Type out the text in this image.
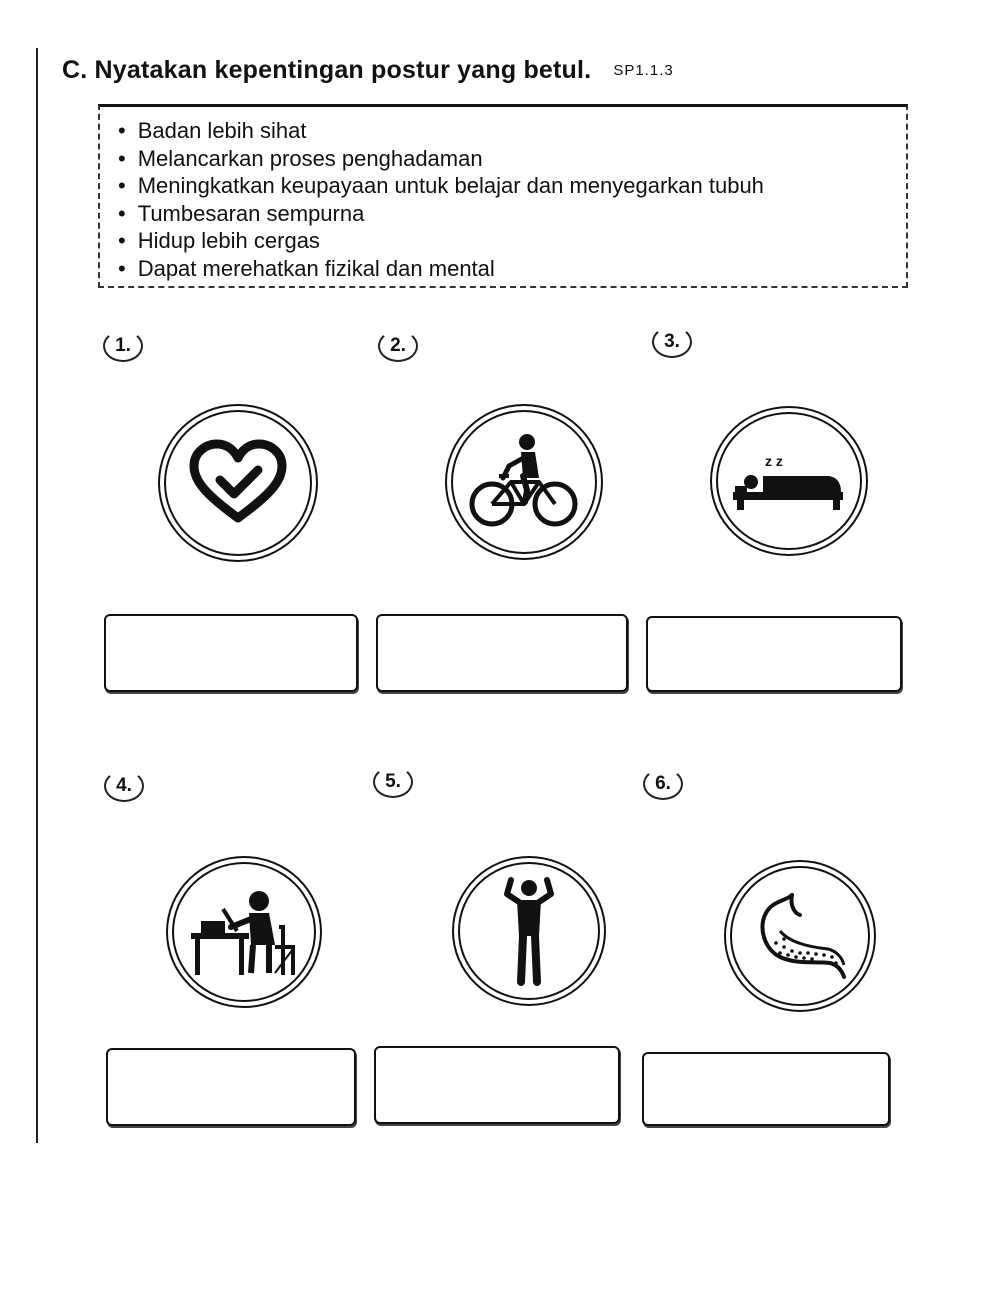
C. Nyatakan kepentingan postur yang betul. SP1.1.3
• Badan lebih sihat
• Melancarkan proses penghadaman
• Meningkatkan keupayaan untuk belajar dan menyegarkan tubuh
• Tumbesaran sempurna
• Hidup lebih cergas
• Dapat merehatkan fizikal dan mental
1.	2.	3.
z z
4.	5.	6.
